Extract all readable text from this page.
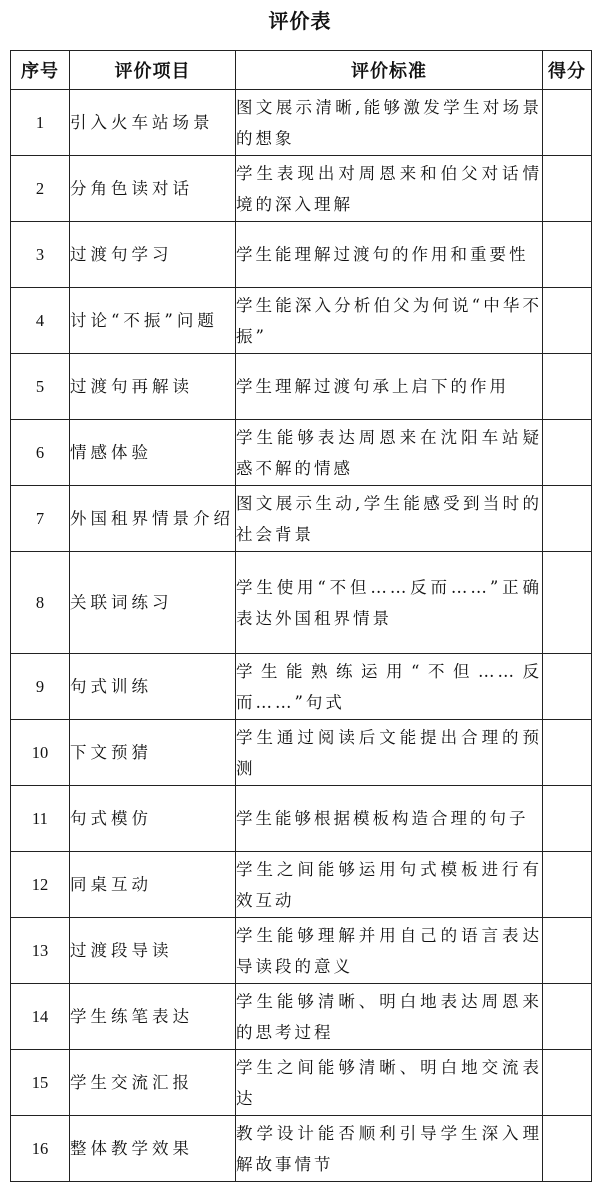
评价表
序号	评价项目	评价标准	得分
1	引入火车站场景	图文展示清晰,能够激发学生对场景的想象	
2	分角色读对话	学生表现出对周恩来和伯父对话情境的深入理解	
3	过渡句学习	学生能理解过渡句的作用和重要性	
4	讨论“不振”问题	学生能深入分析伯父为何说“中华不振”	
5	过渡句再解读	学生理解过渡句承上启下的作用	
6	情感体验	学生能够表达周恩来在沈阳车站疑惑不解的情感	
7	外国租界情景介绍	图文展示生动,学生能感受到当时的社会背景	
8	关联词练习	学生使用“不但……反而……”正确表达外国租界情景	
9	句式训练	学生能熟练运用“不但……反而……”句式	
10	下文预猜	学生通过阅读后文能提出合理的预测	
11	句式模仿	学生能够根据模板构造合理的句子	
12	同桌互动	学生之间能够运用句式模板进行有效互动	
13	过渡段导读	学生能够理解并用自己的语言表达导读段的意义	
14	学生练笔表达	学生能够清晰、明白地表达周恩来的思考过程	
15	学生交流汇报	学生之间能够清晰、明白地交流表达	
16	整体教学效果	教学设计能否顺利引导学生深入理解故事情节	
